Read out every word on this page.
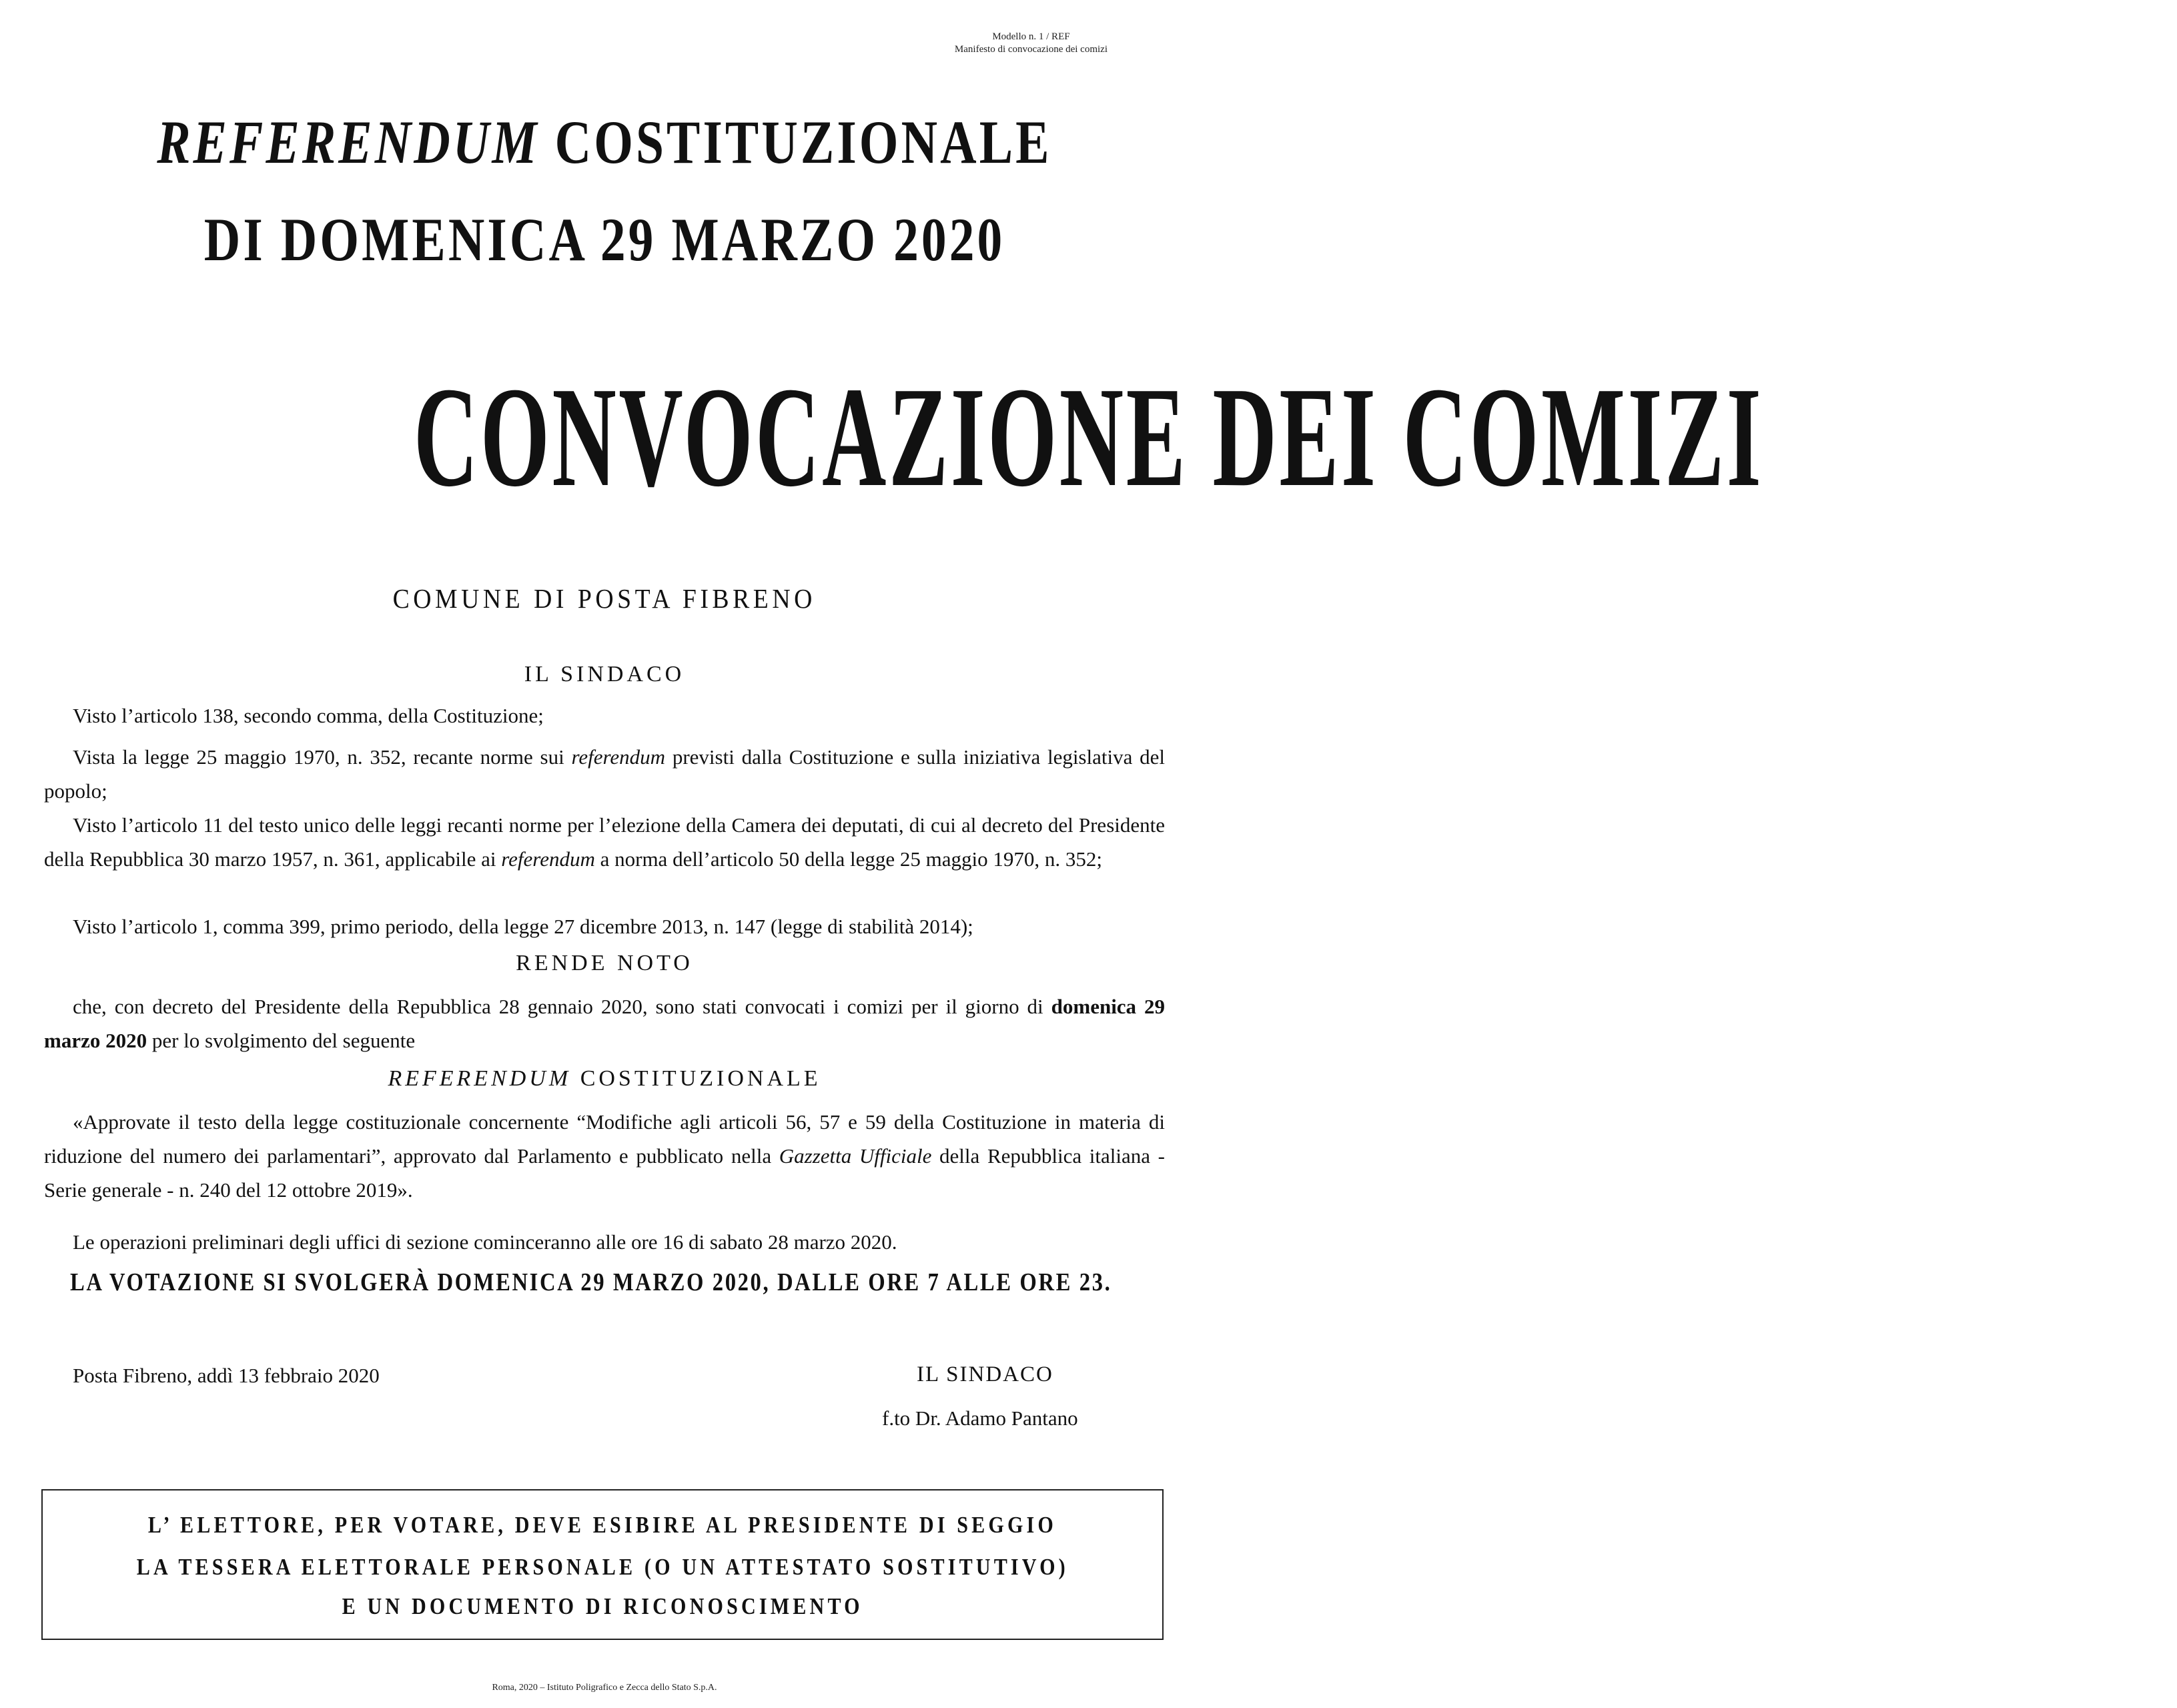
Modello n. 1 / REF
Manifesto di convocazione dei comizi
REFERENDUM COSTITUZIONALE
DI DOMENICA 29 MARZO 2020
CONVOCAZIONE DEI COMIZI
COMUNE DI POSTA FIBRENO
IL SINDACO
Visto l’articolo 138, secondo comma, della Costituzione;
Vista la legge 25 maggio 1970, n. 352, recante norme sui referendum previsti dalla Costituzione e sulla iniziativa legislativa del popolo;
Visto l’articolo 11 del testo unico delle leggi recanti norme per l’elezione della Camera dei deputati, di cui al decreto del Presidente della Repubblica 30 marzo 1957, n. 361, applicabile ai referendum a norma dell’articolo 50 della legge 25 maggio 1970, n. 352;
Visto l’articolo 1, comma 399, primo periodo, della legge 27 dicembre 2013, n. 147 (legge di stabilità 2014);
RENDE NOTO
che, con decreto del Presidente della Repubblica 28 gennaio 2020, sono stati convocati i comizi per il giorno di domenica 29 marzo 2020 per lo svolgimento del seguente
REFERENDUM COSTITUZIONALE
«Approvate il testo della legge costituzionale concernente “Modifiche agli articoli 56, 57 e 59 della Costituzione in materia di riduzione del numero dei parlamentari”, approvato dal Parlamento e pubblicato nella Gazzetta Ufficiale della Repubblica italiana - Serie generale - n. 240 del 12 ottobre 2019».
Le operazioni preliminari degli uffici di sezione cominceranno alle ore 16 di sabato 28 marzo 2020.
LA VOTAZIONE SI SVOLGERÀ DOMENICA 29 MARZO 2020, DALLE ORE 7 ALLE ORE 23.
Posta Fibreno, addì 13 febbraio 2020	IL SINDACO
f.to Dr. Adamo Pantano
L’ ELETTORE, PER VOTARE, DEVE ESIBIRE AL PRESIDENTE DI SEGGIO
LA TESSERA ELETTORALE PERSONALE (O UN ATTESTATO SOSTITUTIVO)
E UN DOCUMENTO DI RICONOSCIMENTO
Roma, 2020 – Istituto Poligrafico e Zecca dello Stato S.p.A.
